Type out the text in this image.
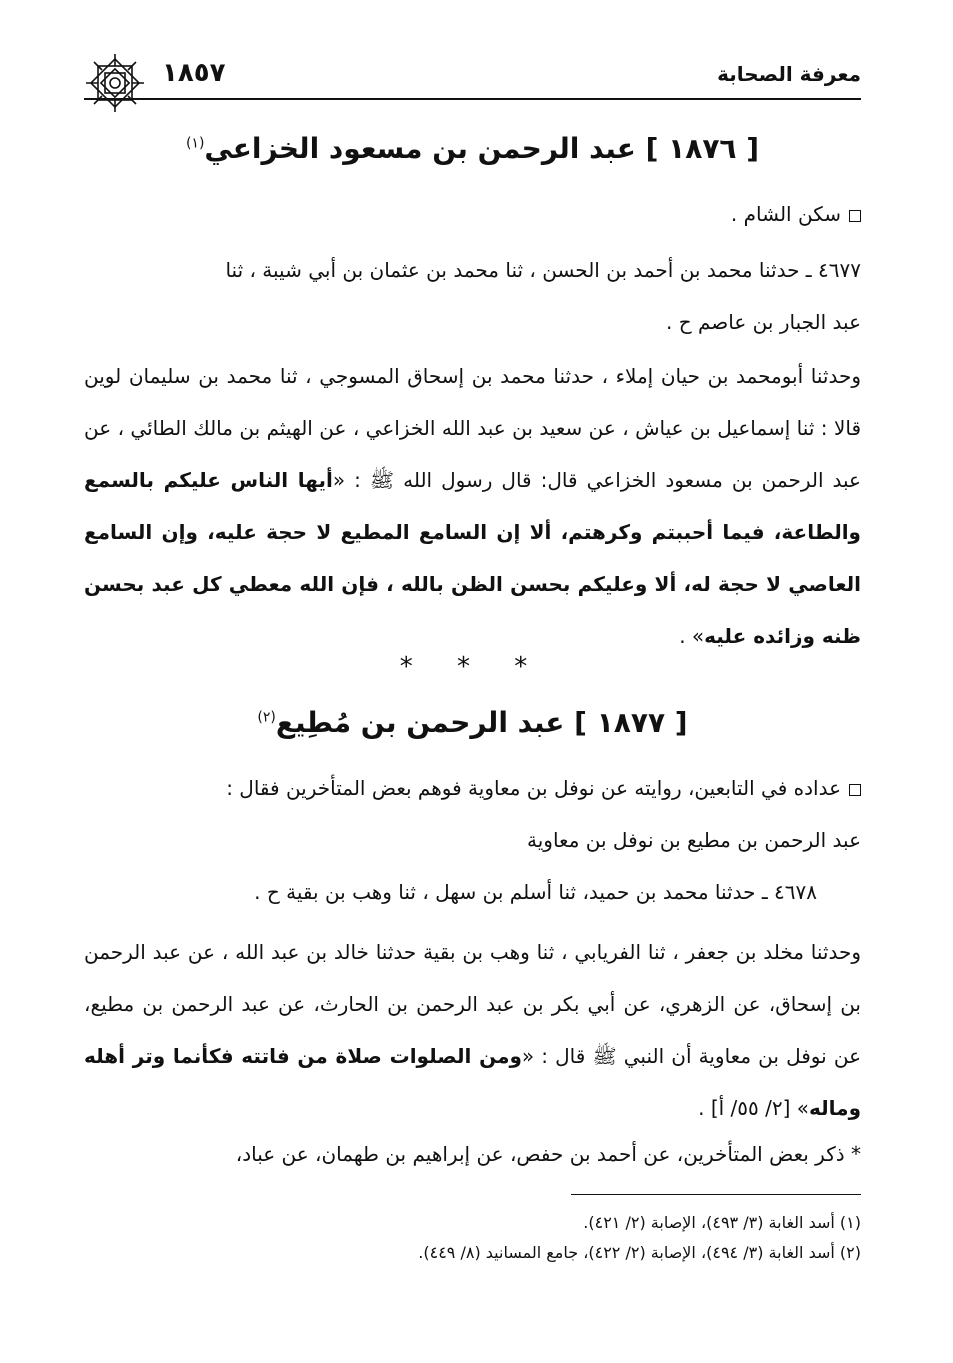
معرفة الصحابة
١٨٥٧
[ ١٨٧٦ ] عبد الرحمن بن مسعود الخزاعي$^{(١)}$
سكن الشام .
٤٦٧٧ ـ حدثنا محمد بن أحمد بن الحسن ، ثنا محمد بن عثمان بن أبي شيبة ، ثنا
عبد الجبار بن عاصم ح .
وحدثنا أبومحمد بن حيان إملاء ، حدثنا محمد بن إسحاق المسوجي ، ثنا محمد بن سليمان لوين قالا : ثنا إسماعيل بن عياش ، عن سعيد بن عبد الله الخزاعي ، عن الهيثم بن مالك الطائي ، عن عبد الرحمن بن مسعود الخزاعي قال: قال رسول الله ﷺ : «أيها الناس عليكم بالسمع والطاعة، فيما أحببتم وكرهتم، ألا إن السامع المطيع لا حجة عليه، وإن السامع العاصي لا حجة له، ألا وعليكم بحسن الظن بالله ، فإن الله معطي كل عبد بحسن ظنه وزائده عليه» .
* * *
[ ١٨٧٧ ] عبد الرحمن بن مُطِيع$^{(٢)}$
عداده في التابعين، روايته عن نوفل بن معاوية فوهم بعض المتأخرين فقال :
عبد الرحمن بن مطيع بن نوفل بن معاوية
٤٦٧٨ ـ حدثنا محمد بن حميد، ثنا أسلم بن سهل ، ثنا وهب بن بقية ح .
وحدثنا مخلد بن جعفر ، ثنا الفريابي ، ثنا وهب بن بقية حدثنا خالد بن عبد الله ، عن عبد الرحمن بن إسحاق، عن الزهري، عن أبي بكر بن عبد الرحمن بن الحارث، عن عبد الرحمن بن مطيع، عن نوفل بن معاوية أن النبي ﷺ قال : «ومن الصلوات صلاة من فاتته فكأنما وتر أهله وماله» [٢/ ٥٥/ أ] .
* ذكر بعض المتأخرين، عن أحمد بن حفص، عن إبراهيم بن طهمان، عن عباد،
(١) أسد الغابة (٣/ ٤٩٣)، الإصابة (٢/ ٤٢١).
(٢) أسد الغابة (٣/ ٤٩٤)، الإصابة (٢/ ٤٢٢)، جامع المسانيد (٨/ ٤٤٩).
